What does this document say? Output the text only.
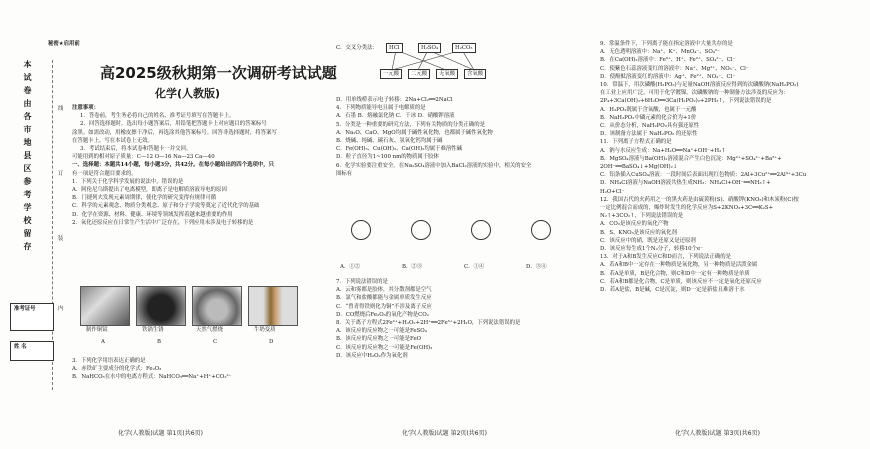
秘密★启用前
高2025级秋期第一次调研考试试题
化学(人教版)
本试卷由各市地县区参考学校留存	线
订
装
内
准考证号
姓 名
注意事项：
1．答卷前，考生务必将自己的姓名、准考证号填写在答题卡上。
2．回答选择题时，选出每小题答案后，用铅笔把答题卡上对应题目的答案标号
涂黑。如需改动，用橡皮擦干净后，再选涂其他答案标号。回答非选择题时，将答案写
在答题卡上。写在本试卷上无效。
3．考试结束后，将本试卷和答题卡一并交回。
可能用到的相对原子质量：C—12 O—16 Na—23 Ca—40
一、选择题：本题共14小题，每小题3分，共42分。在每小题给出的四个选项中，只
有一项是符合题目要求的。
1．下列关于化学科学发展的说法中，错误的是
A．阿伦尼乌斯提出了电离模型，即离子是电解质溶液导电的原因
B．门捷列夫发现元素周期律，使化学的研究变得有规律可循
C．科学的元素观念、物质分类观念、原子和分子学说等奠定了近代化学的基础
D．化学在资源、材料、健康、环境等领域发挥着越来越重要的作用
2．氧化还原反应在日常生产生活中广泛存在，下列应用未涉及电子转移的是
制作铜镜	铁锅生锈	天然气燃烧	牛奶变质
A	B	C	D
3．下列化学用语表达正确的是
A．赤铁矿主要成分的化学式：Fe₂O₃
B．NaHCO₃在水中的电离方程式：NaHCO₃══Na⁺+H⁺+CO₃²⁻
C．交叉分类法：	HCl	H₂SO₄	H₂CO₃
一元酸	二元酸	无氧酸	含氧酸
D．用单线桥表示电子转移：2Na+Cl₂══2NaCl
4．下列物质能导电且属于电解质的是
A．石墨 B．熔融氯化钠 C．干冰 D．硝酸钾溶液
5．分类是一种重要的研究方法，下列有关物质的分类正确的是
A．Na₂O、CaO、MgO均属于碱性氧化物，也都属于碱性氧化物
B．烧碱、纯碱、碳石灰、氢氧化钙均属于碱
C．Fe(OH)₃、Cu(OH)₂、Ca(OH)₂均属于难溶性碱
D．粒子直径为1~100 nm的物质属于胶体
6．化学实验要注重安全。在Na₂SO₄溶液中加入BaCl₂溶液的实验中，相关的安全
图标有
A．①②	B．②③	C．①④	D．③④
7．下列说法错误的是
A．云和雾都是胶体，其分散剂都是空气
B．氯气和盐酸都能与金属单质发生反应
C．“曾青得铁则化为铜”不涉及离子反应
D．CO燃烧后Fe₂O₃的氧化产物是CO₂
8．关于离子方程式2Fe²⁺+H₂O₂+2H⁺══2Fe³⁺+2H₂O，下列说法错误的是
A．该反应的反应物之一可能是FeSO₄
B．该反应的反应物之一可能是FeO
C．该反应的反应物之一可能是Fe(OH)₃
D．该反应中H₂O₂作为氧化剂
9．常温条件下，下列离子能在指定溶液中大量共存的是
A．无色透明溶液中：Na⁺、K⁺、MnO₄⁻、SO₄²⁻
B．在Ca(OH)₂溶液中：Fe³⁺、H⁺、Fe²⁺、SO₄²⁻、Cl⁻
C．使紫色石蕊溶液变红的溶液中：Na⁺、Mg²⁺、NO₃⁻、Cl⁻
D．使酚酞溶液变红的溶液中：Ag⁺、Fe²⁺、NO₃⁻、Cl⁻
10．常温下，用次磷酸(H₃PO₂)与足量NaOH溶液反应得到的次磷酸钠(NaH₂PO₂)
在工业上应用广泛，可用于化学镀镍。次磷酸钠的一种制备方法涉及的反应为：
2P₄+3Ca(OH)₂+6H₂O══3Ca(H₂PO₂)₂+2PH₃↑，下列说法错误的是
A．H₃PO₂既属于含氧酸，也属于一元酸
B．NaH₂PO₂中磷元素的化合价为+1价
C．从价态分析，NaH₂PO₂具有强还原性
D．该制备方法属于 NaH₂PO₂ 的还原性
11．下列离子方程式正确的是
A．钠与水反应生成：Na+H₂O══Na⁺+OH⁻+H₂↑
B．MgSO₄溶液与Ba(OH)₂溶液混合产生白色沉淀：Mg²⁺+SO₄²⁻+Ba²⁺+
2OH⁻══BaSO₄↓+Mg(OH)₂↓
C．铝条插入CuSO₄溶液：一段时间后表面出现红色物质：2Al+3Cu²⁺══2Al³⁺+3Cu
D．NH₄Cl溶液与NaOH溶液共热生成NH₃：NH₄Cl+OH⁻══NH₃↑+
H₂O+Cl⁻
12．我国古代的火药用之一的黑火药是由硫黄粉(S)、硝酸钾(KNO₃)和木炭粉(C)按
一定比例混合而成的，爆炸时发生的化学反应为S+2KNO₃+3C══K₂S+
N₂↑+3CO₂↑，下列说法错误的是
A．CO₂是该反应的氧化产物
B．S、KNO₃是该反应的氧化剂
C．该反应中的硝，既是还原又是还原剂
D．该反应每生成1个N₂分子，转移10个e⁻
13．对于A和B发生反应C和D而言，下列说法正确的是
A．若A和B中一定存在一种物质是氧化物，另一种物质是活泼金属
B．若A是单质，B是化合物，则C和D中一定有一种物质是单质
C．若A和B都是化合物，C是单质，则该反应不一定是氧化还原反应
D．若A是盐，B是碱，C是沉淀，则D一定是新盐且难溶于水
化学(人教版)试题 第1页(共6页)	化学(人教版)试题 第2页(共6页)	化学(人教版)试题 第3页(共6页)
